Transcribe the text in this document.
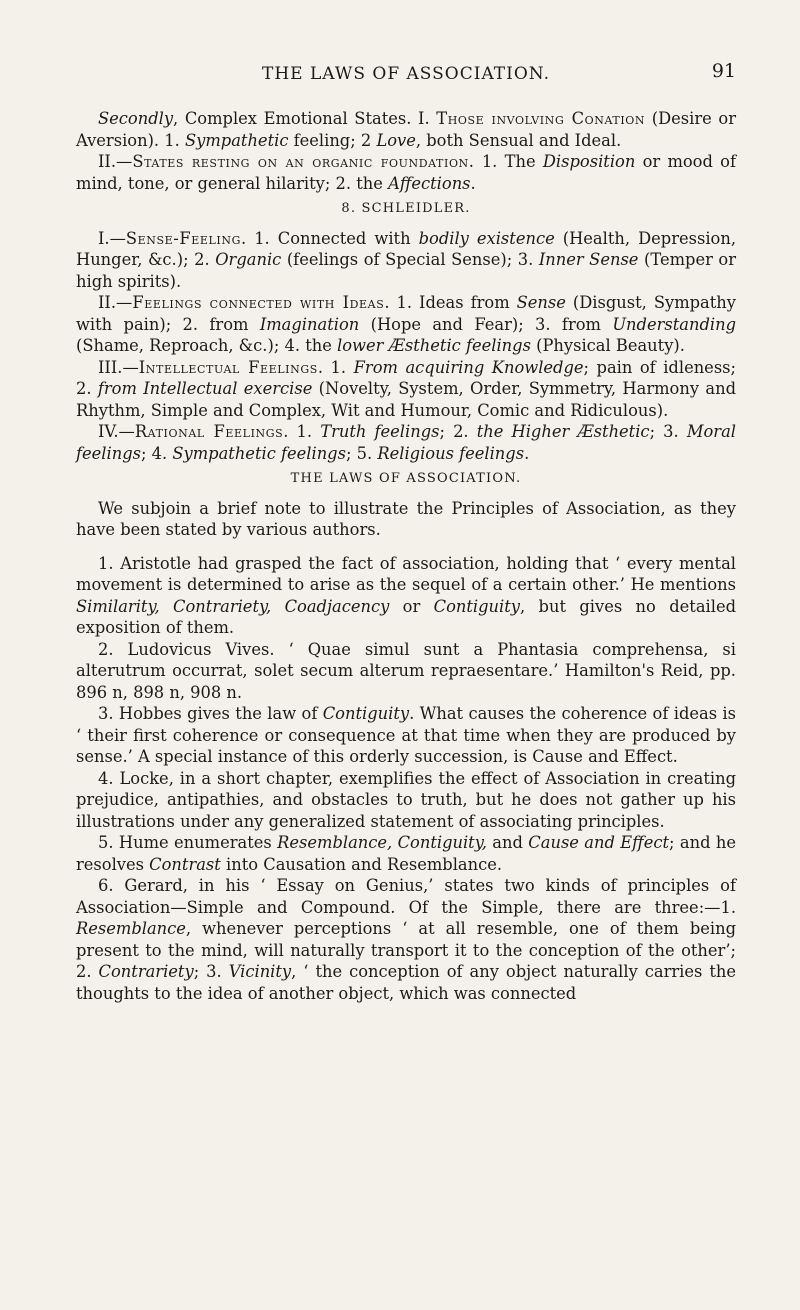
THE LAWS OF ASSOCIATION.	91

Secondly, Complex Emotional States. I. Those involving Conation (Desire or Aversion). 1. Sympathetic feeling; 2 Love, both Sensual and Ideal.

II.—States resting on an organic foundation. 1. The Disposition or mood of mind, tone, or general hilarity; 2. the Affections.

8. SCHLEIDLER.

I.—Sense-Feeling. 1. Connected with bodily existence (Health, Depression, Hunger, &c.); 2. Organic (feelings of Special Sense); 3. Inner Sense (Temper or high spirits).

II.—Feelings connected with Ideas. 1. Ideas from Sense (Disgust, Sympathy with pain); 2. from Imagination (Hope and Fear); 3. from Understanding (Shame, Reproach, &c.); 4. the lower Æsthetic feelings (Physical Beauty).

III.—Intellectual Feelings. 1. From acquiring Knowledge; pain of idleness; 2. from Intellectual exercise (Novelty, System, Order, Symmetry, Harmony and Rhythm, Simple and Complex, Wit and Humour, Comic and Ridiculous).

IV.—Rational Feelings. 1. Truth feelings; 2. the Higher Æsthetic; 3. Moral feelings; 4. Sympathetic feelings; 5. Religious feelings.

THE LAWS OF ASSOCIATION.

We subjoin a brief note to illustrate the Principles of Association, as they have been stated by various authors.

1. Aristotle had grasped the fact of association, holding that ‘ every mental movement is determined to arise as the sequel of a certain other.’ He mentions Similarity, Contrariety, Coadjacency or Contiguity, but gives no detailed exposition of them.

2. Ludovicus Vives. ‘ Quae simul sunt a Phantasia comprehensa, si alterutrum occurrat, solet secum alterum repraesentare.’ Hamilton's Reid, pp. 896 n, 898 n, 908 n.

3. Hobbes gives the law of Contiguity. What causes the coherence of ideas is ‘ their first coherence or consequence at that time when they are produced by sense.’ A special instance of this orderly succession, is Cause and Effect.

4. Locke, in a short chapter, exemplifies the effect of Association in creating prejudice, antipathies, and obstacles to truth, but he does not gather up his illustrations under any generalized statement of associating principles.

5. Hume enumerates Resemblance, Contiguity, and Cause and Effect; and he resolves Contrast into Causation and Resemblance.

6. Gerard, in his ‘ Essay on Genius,’ states two kinds of principles of Association—Simple and Compound. Of the Simple, there are three:—1. Resemblance, whenever perceptions ‘ at all resemble, one of them being present to the mind, will naturally transport it to the conception of the other’; 2. Contrariety; 3. Vicinity, ‘ the conception of any object naturally carries the thoughts to the idea of another object, which was connected
